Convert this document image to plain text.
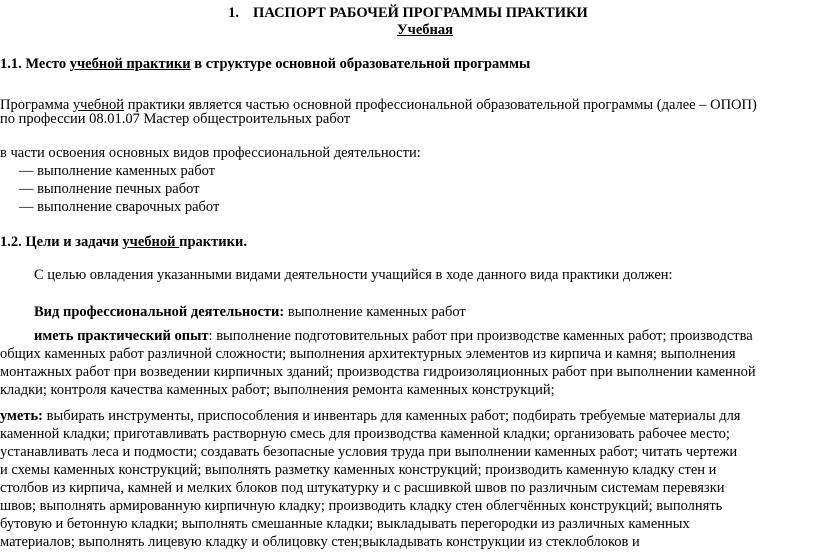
1. ПАСПОРТ РАБОЧЕЙ ПРОГРАММЫ ПРАКТИКИ
Учебная
1.1. Место учебной практики в структуре основной образовательной программы
Программа учебной практики является частью основной профессиональной образовательной программы (далее – ОПОП)
по профессии 08.01.07 Мастер общестроительных работ
в части освоения основных видов профессиональной деятельности:
— выполнение каменных работ
— выполнение печных работ
— выполнение сварочных работ
1.2. Цели и задачи учебной практики.
С целью овладения указанными видами деятельности учащийся в ходе данного вида практики должен:
Вид профессиональной деятельности: выполнение каменных работ
иметь практический опыт: выполнение подготовительных работ при производстве каменных работ; производства
общих каменных работ различной сложности; выполнения архитектурных элементов из кирпича и камня; выполнения
монтажных работ при возведении кирпичных зданий; производства гидроизоляционных работ при выполнении каменной
кладки; контроля качества каменных работ; выполнения ремонта каменных конструкций;
уметь: выбирать инструменты, приспособления и инвентарь для каменных работ; подбирать требуемые материалы для
каменной кладки; приготавливать растворную смесь для производства каменной кладки; организовать рабочее место;
устанавливать леса и подмости; создавать безопасные условия труда при выполнении каменных работ; читать чертежи
и схемы каменных конструкций; выполнять разметку каменных конструкций; производить каменную кладку стен и
столбов из кирпича, камней и мелких блоков под штукатурку и с расшивкой швов по различным системам перевязки
швов; выполнять армированную кирпичную кладку; производить кладку стен облегчённых конструкций; выполнять
бутовую и бетонную кладки; выполнять смешанные кладки; выкладывать перегородки из различных каменных
материалов; выполнять лицевую кладку и облицовку стен;выкладывать конструкции из стеклоблоков и
